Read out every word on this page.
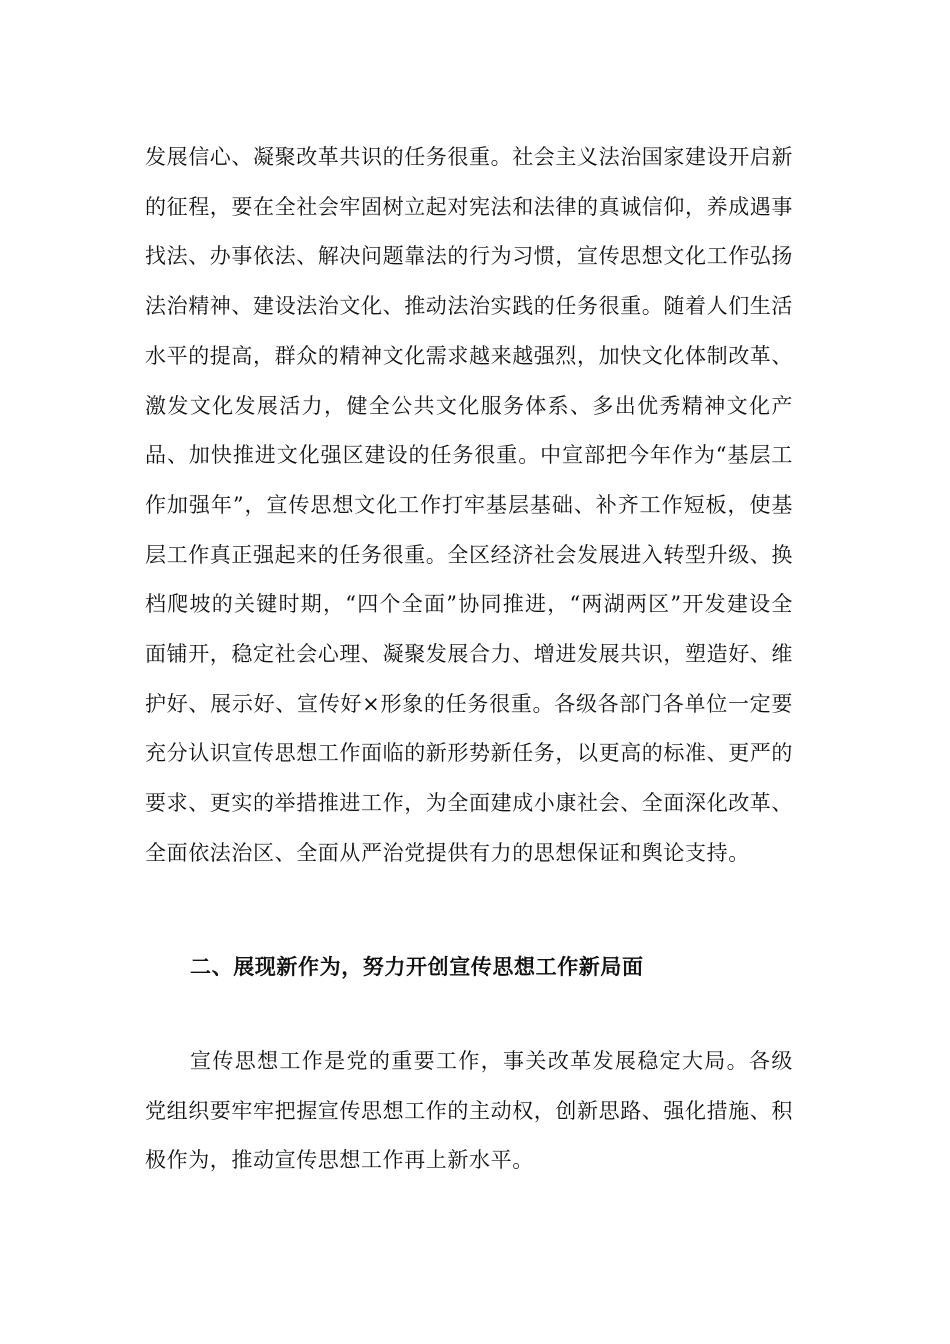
发展信心、凝聚改革共识的任务很重。社会主义法治国家建设开启新的征程，要在全社会牢固树立起对宪法和法律的真诚信仰，养成遇事找法、办事依法、解决问题靠法的行为习惯，宣传思想文化工作弘扬法治精神、建设法治文化、推动法治实践的任务很重。随着人们生活水平的提高，群众的精神文化需求越来越强烈，加快文化体制改革、激发文化发展活力，健全公共文化服务体系、多出优秀精神文化产品、加快推进文化强区建设的任务很重。中宣部把今年作为“基层工作加强年”，宣传思想文化工作打牢基层基础、补齐工作短板，使基层工作真正强起来的任务很重。全区经济社会发展进入转型升级、换档爬坡的关键时期，“四个全面”协同推进，“两湖两区”开发建设全面铺开，稳定社会心理、凝聚发展合力、增进发展共识，塑造好、维护好、展示好、宣传好×形象的任务很重。各级各部门各单位一定要充分认识宣传思想工作面临的新形势新任务，以更高的标准、更严的要求、更实的举措推进工作，为全面建成小康社会、全面深化改革、全面依法治区、全面从严治党提供有力的思想保证和舆论支持。
二、展现新作为，努力开创宣传思想工作新局面
宣传思想工作是党的重要工作，事关改革发展稳定大局。各级党组织要牢牢把握宣传思想工作的主动权，创新思路、强化措施、积极作为，推动宣传思想工作再上新水平。
